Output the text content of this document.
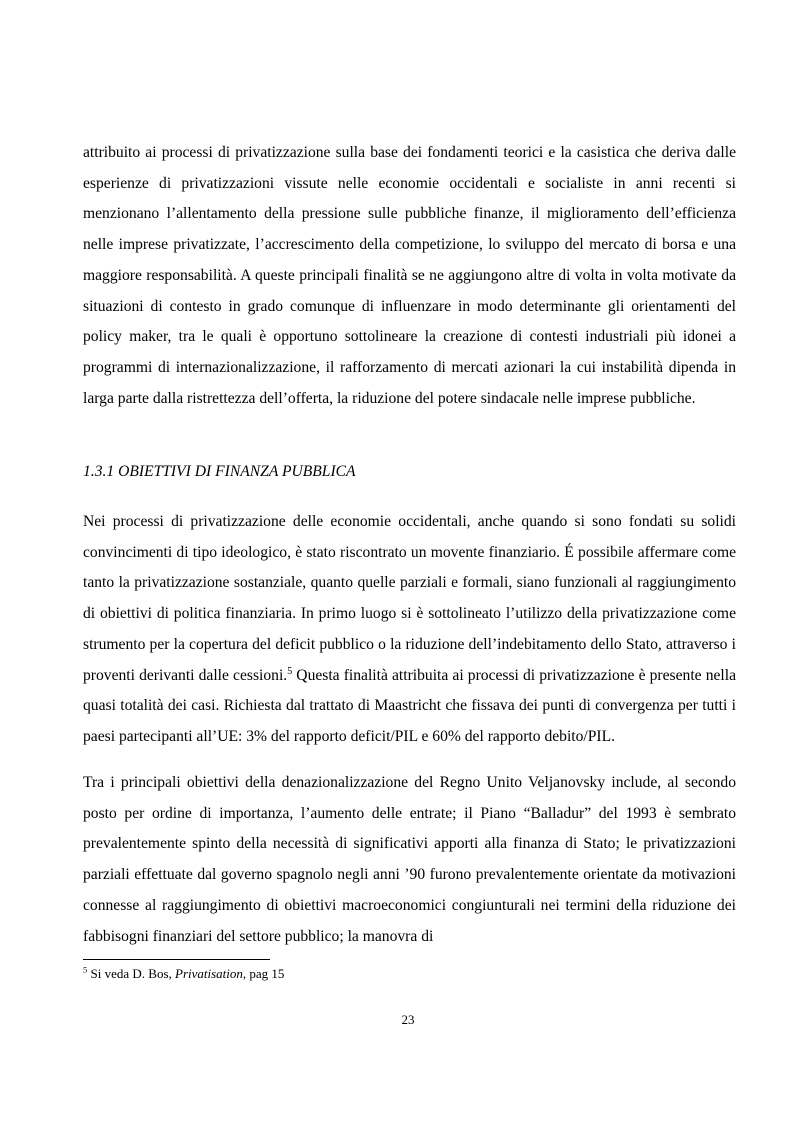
attribuito ai processi di privatizzazione sulla base dei fondamenti teorici e la casistica che deriva dalle esperienze di privatizzazioni vissute nelle economie occidentali e socialiste in anni recenti si menzionano l’allentamento della pressione sulle pubbliche finanze, il miglioramento dell’efficienza nelle imprese privatizzate, l’accrescimento della competizione, lo sviluppo del mercato di borsa e una maggiore responsabilità. A queste principali finalità se ne aggiungono altre di volta in volta motivate da situazioni di contesto in grado comunque di influenzare in modo determinante gli orientamenti del policy maker, tra le quali è opportuno sottolineare la creazione di contesti industriali più idonei a programmi di internazionalizzazione, il rafforzamento di mercati azionari la cui instabilità dipenda in larga parte dalla ristrettezza dell’offerta, la riduzione del potere sindacale nelle imprese pubbliche.

1.3.1 OBIETTIVI DI FINANZA PUBBLICA

Nei processi di privatizzazione delle economie occidentali, anche quando si sono fondati su solidi convincimenti di tipo ideologico, è stato riscontrato un movente finanziario. É possibile affermare come tanto la privatizzazione sostanziale, quanto quelle parziali e formali, siano funzionali al raggiungimento di obiettivi di politica finanziaria. In primo luogo si è sottolineato l’utilizzo della privatizzazione come strumento per la copertura del deficit pubblico o la riduzione dell’indebitamento dello Stato, attraverso i proventi derivanti dalle cessioni.$^5$ Questa finalità attribuita ai processi di privatizzazione è presente nella quasi totalità dei casi. Richiesta dal trattato di Maastricht che fissava dei punti di convergenza per tutti i paesi partecipanti all’UE: 3% del rapporto deficit/PIL e 60% del rapporto debito/PIL.

Tra i principali obiettivi della denazionalizzazione del Regno Unito Veljanovsky include, al secondo posto per ordine di importanza, l’aumento delle entrate; il Piano “Balladur” del 1993 è sembrato prevalentemente spinto della necessità di significativi apporti alla finanza di Stato; le privatizzazioni parziali effettuate dal governo spagnolo negli anni ’90 furono prevalentemente orientate da motivazioni connesse al raggiungimento di obiettivi macroeconomici congiunturali nei termini della riduzione dei fabbisogni finanziari del settore pubblico; la manovra di

$^5$ Si veda D. Bos, Privatisation, pag 15

23
